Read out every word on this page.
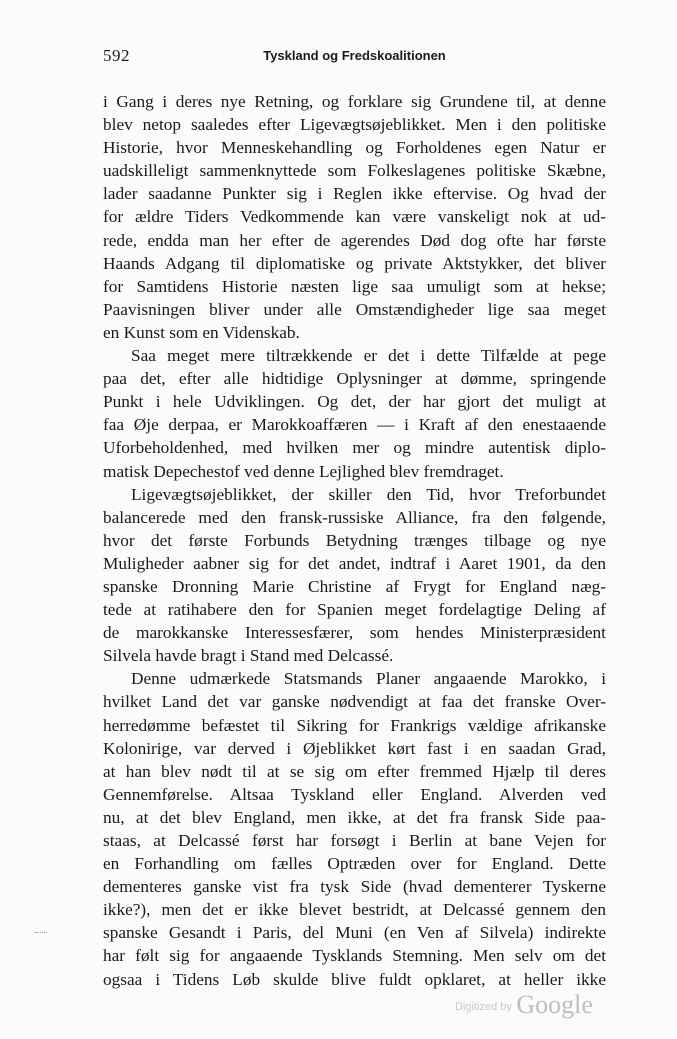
592	Tyskland og Fredskoalitionen
i Gang i deres nye Retning, og forklare sig Grundene til, at denne
blev netop saaledes efter Ligevægtsøjeblikket. Men i den politiske
Historie, hvor Menneskehandling og Forholdenes egen Natur er
uadskilleligt sammenknyttede som Folkeslagenes politiske Skæbne,
lader saadanne Punkter sig i Reglen ikke eftervise. Og hvad der
for ældre Tiders Vedkommende kan være vanskeligt nok at ud-
rede, endda man her efter de agerendes Død dog ofte har første
Haands Adgang til diplomatiske og private Aktstykker, det bliver
for Samtidens Historie næsten lige saa umuligt som at hekse;
Paavisningen bliver under alle Omstændigheder lige saa meget
en Kunst som en Videnskab.
Saa meget mere tiltrækkende er det i dette Tilfælde at pege
paa det, efter alle hidtidige Oplysninger at dømme, springende
Punkt i hele Udviklingen. Og det, der har gjort det muligt at
faa Øje derpaa, er Marokkoaffæren — i Kraft af den enestaaende
Uforbeholdenhed, med hvilken mer og mindre autentisk diplo-
matisk Depechestof ved denne Lejlighed blev fremdraget.
Ligevægtsøjeblikket, der skiller den Tid, hvor Treforbundet
balancerede med den fransk-russiske Alliance, fra den følgende,
hvor det første Forbunds Betydning trænges tilbage og nye
Muligheder aabner sig for det andet, indtraf i Aaret 1901, da den
spanske Dronning Marie Christine af Frygt for England næg-
tede at ratihabere den for Spanien meget fordelagtige Deling af
de marokkanske Interessesfærer, som hendes Ministerpræsident
Silvela havde bragt i Stand med Delcassé.
Denne udmærkede Statsmands Planer angaaende Marokko, i
hvilket Land det var ganske nødvendigt at faa det franske Over-
herredømme befæstet til Sikring for Frankrigs vældige afrikanske
Kolonirige, var derved i Øjeblikket kørt fast i en saadan Grad,
at han blev nødt til at se sig om efter fremmed Hjælp til deres
Gennemførelse. Altsaa Tyskland eller England. Alverden ved
nu, at det blev England, men ikke, at det fra fransk Side paa-
staas, at Delcassé først har forsøgt i Berlin at bane Vejen for
en Forhandling om fælles Optræden over for England. Dette
dementeres ganske vist fra tysk Side (hvad dementerer Tyskerne
ikke?), men det er ikke blevet bestridt, at Delcassé gennem den
spanske Gesandt i Paris, del Muni (en Ven af Silvela) indirekte
har følt sig for angaaende Tysklands Stemning. Men selv om det
ogsaa i Tidens Løb skulde blive fuldt opklaret, at heller ikke
Digitized by Google
